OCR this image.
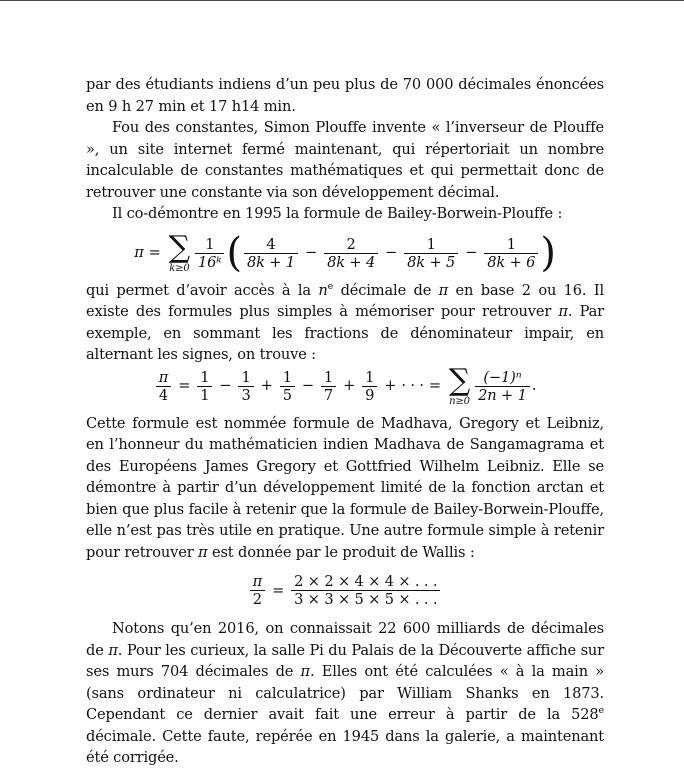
par des étudiants indiens d’un peu plus de 70 000 décimales énoncées en 9 h 27 min et 17 h14 min.

Fou des constantes, Simon Plouffe invente « l’inverseur de Plouffe », un site internet fermé maintenant, qui répertoriait un nombre incalculable de constantes mathématiques et qui permettait donc de retrouver une constante via son développement décimal.

Il co-démontre en 1995 la formule de Bailey-Borwein-Plouffe :

π = ∑
$k\ge 0 \frac{1}{\text{16ᵏ}}$ ( $\frac{4}{8k + 1} - \frac{2}{8k + 4} - \frac{1}{8k + 5} - \frac{1}{8k + 6}$ )

qui permet d’avoir accès à la $n^e$ décimale de π en base 2 ou 16. Il existe des formules plus simples à mémoriser pour retrouver π. Par exemple, en sommant les fractions de dénominateur impair, en alternant les signes, on trouve :

$\frac{\pi}{4} = \frac{1}{1} - \frac{1}{3} + \frac{1}{5} - \frac{1}{7} + \frac{1}{9}$ + · · · = ∑
$n\ge 0 \frac{\text{(−1)ⁿ}}{2n + 1}$ .

Cette formule est nommée formule de Madhava, Gregory et Leibniz, en l’honneur du mathématicien indien Madhava de Sangamagrama et des Européens James Gregory et Gottfried Wilhelm Leibniz. Elle se démontre à partir d’un développement limité de la fonction arctan et bien que plus facile à retenir que la formule de Bailey-Borwein-Plouffe, elle n’est pas très utile en pratique. Une autre formule simple à retenir pour retrouver π est donnée par le produit de Wallis :

$\frac{\pi}{2} = \frac{2 \times 2 \times 4 \times 4 \times . . .}{3 \times 3 \times 5 \times 5 \times . . .}$

Notons qu’en 2016, on connaissait 22 600 milliards de décimales de π. Pour les curieux, la salle Pi du Palais de la Découverte affiche sur ses murs 704 décimales de π. Elles ont été calculées « à la main » (sans ordinateur ni calculatrice) par William Shanks en 1873. Cependant ce dernier avait fait une erreur à partir de la 528e décimale. Cette faute, repérée en 1945 dans la galerie, a maintenant été corrigée.
